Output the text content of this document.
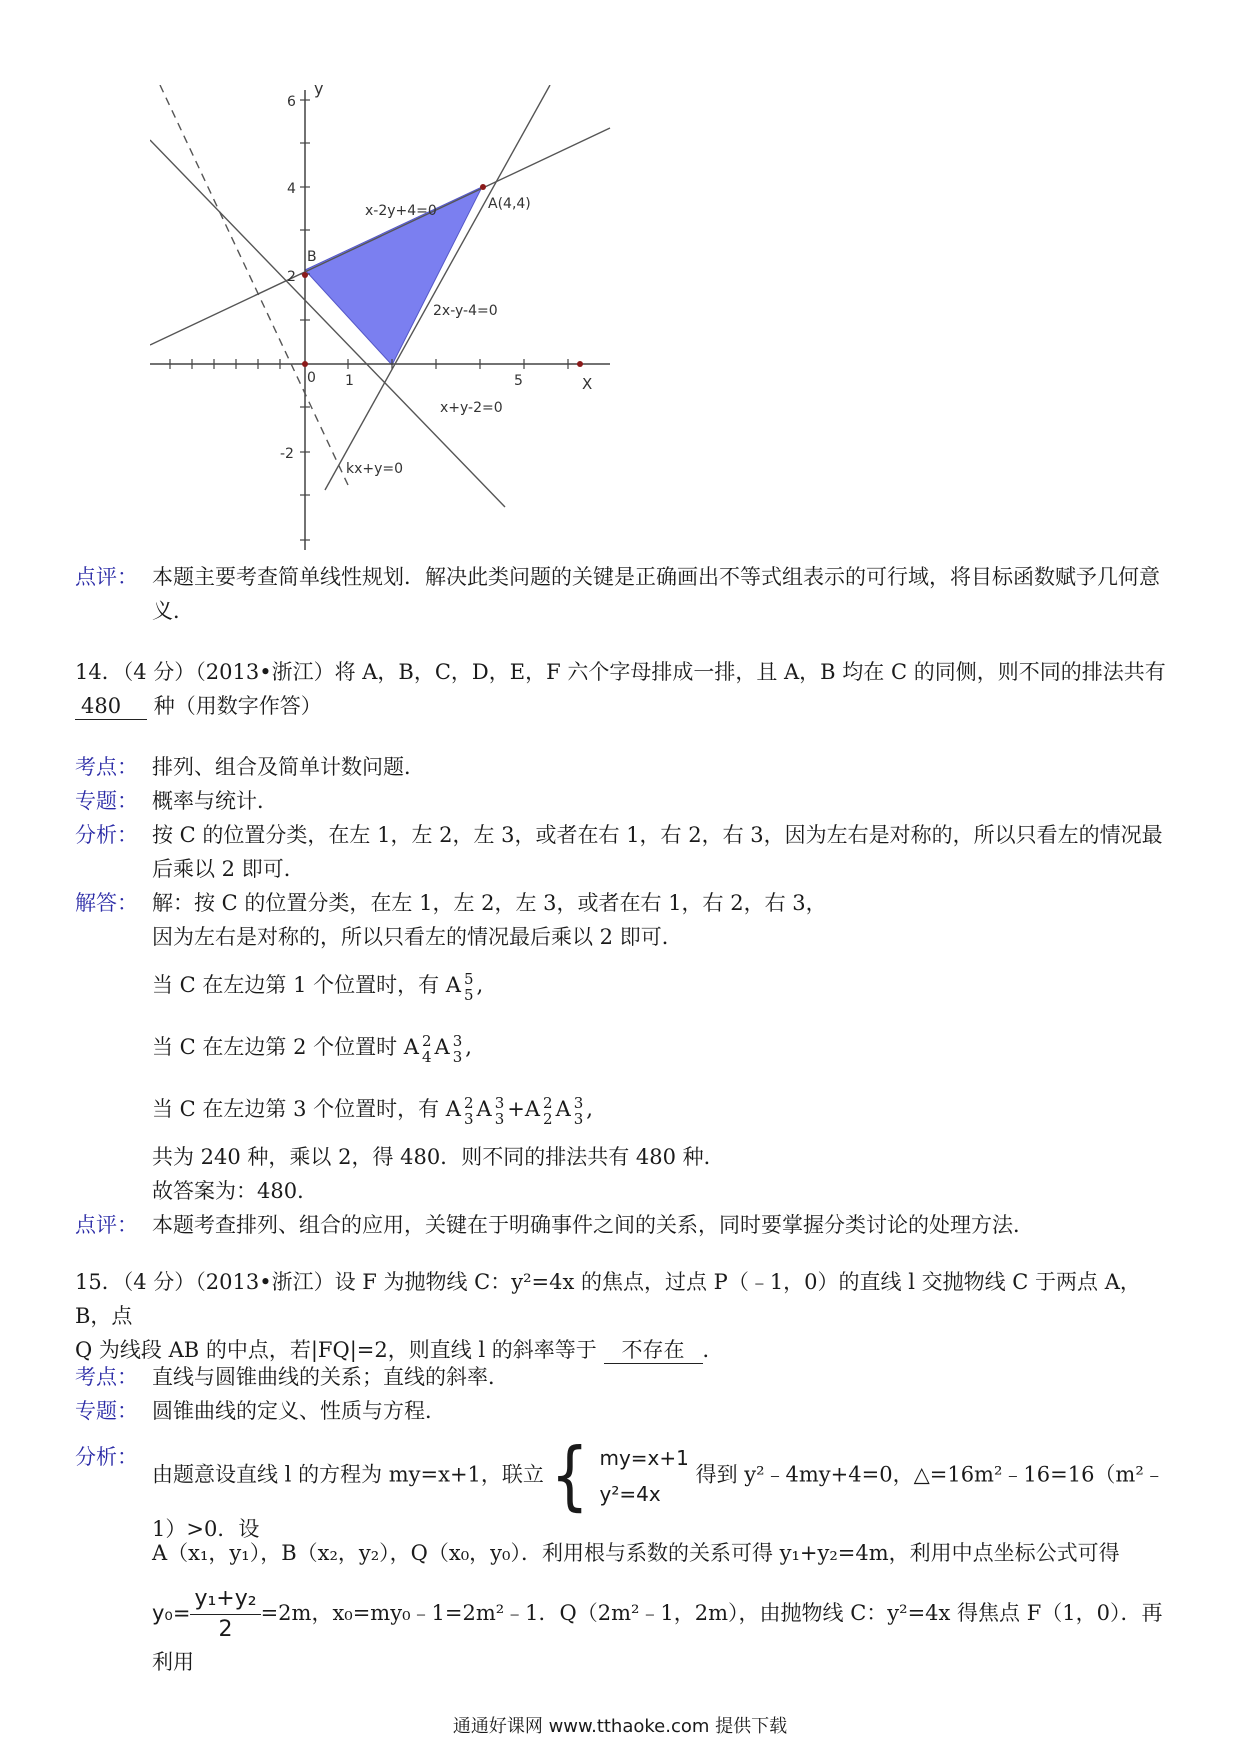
y
X
6
4
2
-2
0 1	5
A(4,4)
B
x-2y+4=0
2x-y-4=0
x+y-2=0
kx+y=0
点评： 本题主要考查简单线性规划．解决此类问题的关键是正确画出不等式组表示的可行域，将目标函数赋予几何意义．
14．（4 分）（2013•浙江）将 A，B，C，D，E，F 六个字母排成一排，且 A，B 均在 C 的同侧，则不同的排法共有
480 种（用数字作答）
考点： 排列、组合及简单计数问题．
专题： 概率与统计．
分析： 按 C 的位置分类，在左 1，左 2，左 3，或者在右 1，右 2，右 3，因为左右是对称的，所以只看左的情况最后乘以 2 即可．
解答： 解：按 C 的位置分类，在左 1，左 2，左 3，或者在右 1，右 2，右 3，
因为左右是对称的，所以只看左的情况最后乘以 2 即可．
当 C 在左边第 1 个位置时，有 A 5
5 ,
当 C 在左边第 2 个位置时 A 2
4 A 3
3 ,
当 C 在左边第 3 个位置时，有 A 2
3 A 3
3 +A 2
2 A 3
3 ,
共为 240 种，乘以 2，得 480．则不同的排法共有 480 种．
故答案为：480．
点评： 本题考查排列、组合的应用，关键在于明确事件之间的关系，同时要掌握分类讨论的处理方法．
15．（4 分）（2013•浙江）设 F 为抛物线 C：y²=4x 的焦点，过点 P（﹣1，0）的直线 l 交抛物线 C 于两点 A，B，点
Q 为线段 AB 的中点，若|FQ|=2，则直线 l 的斜率等于 不存在 ．
考点： 直线与圆锥曲线的关系；直线的斜率．
专题： 圆锥曲线的定义、性质与方程．
分析：
由题意设直线 l 的方程为 my=x+1，联立 { my=x+1
y²=4x
得到 y²﹣4my+4=0，△=16m²﹣16=16（m²﹣1）>0．设
A（x₁，y₁），B（x₂，y₂），Q（x₀，y₀）．利用根与系数的关系可得 y₁+y₂=4m，利用中点坐标公式可得
$y_0= \frac{\text{y₁+y₂}}{2} =2m$，x₀=my₀﹣1=2m²﹣1．Q（2m²﹣1，2m），由抛物线 C：y²=4x 得焦点 F（1，0）．再利用
通通好课网 www.tthaoke.com 提供下载
